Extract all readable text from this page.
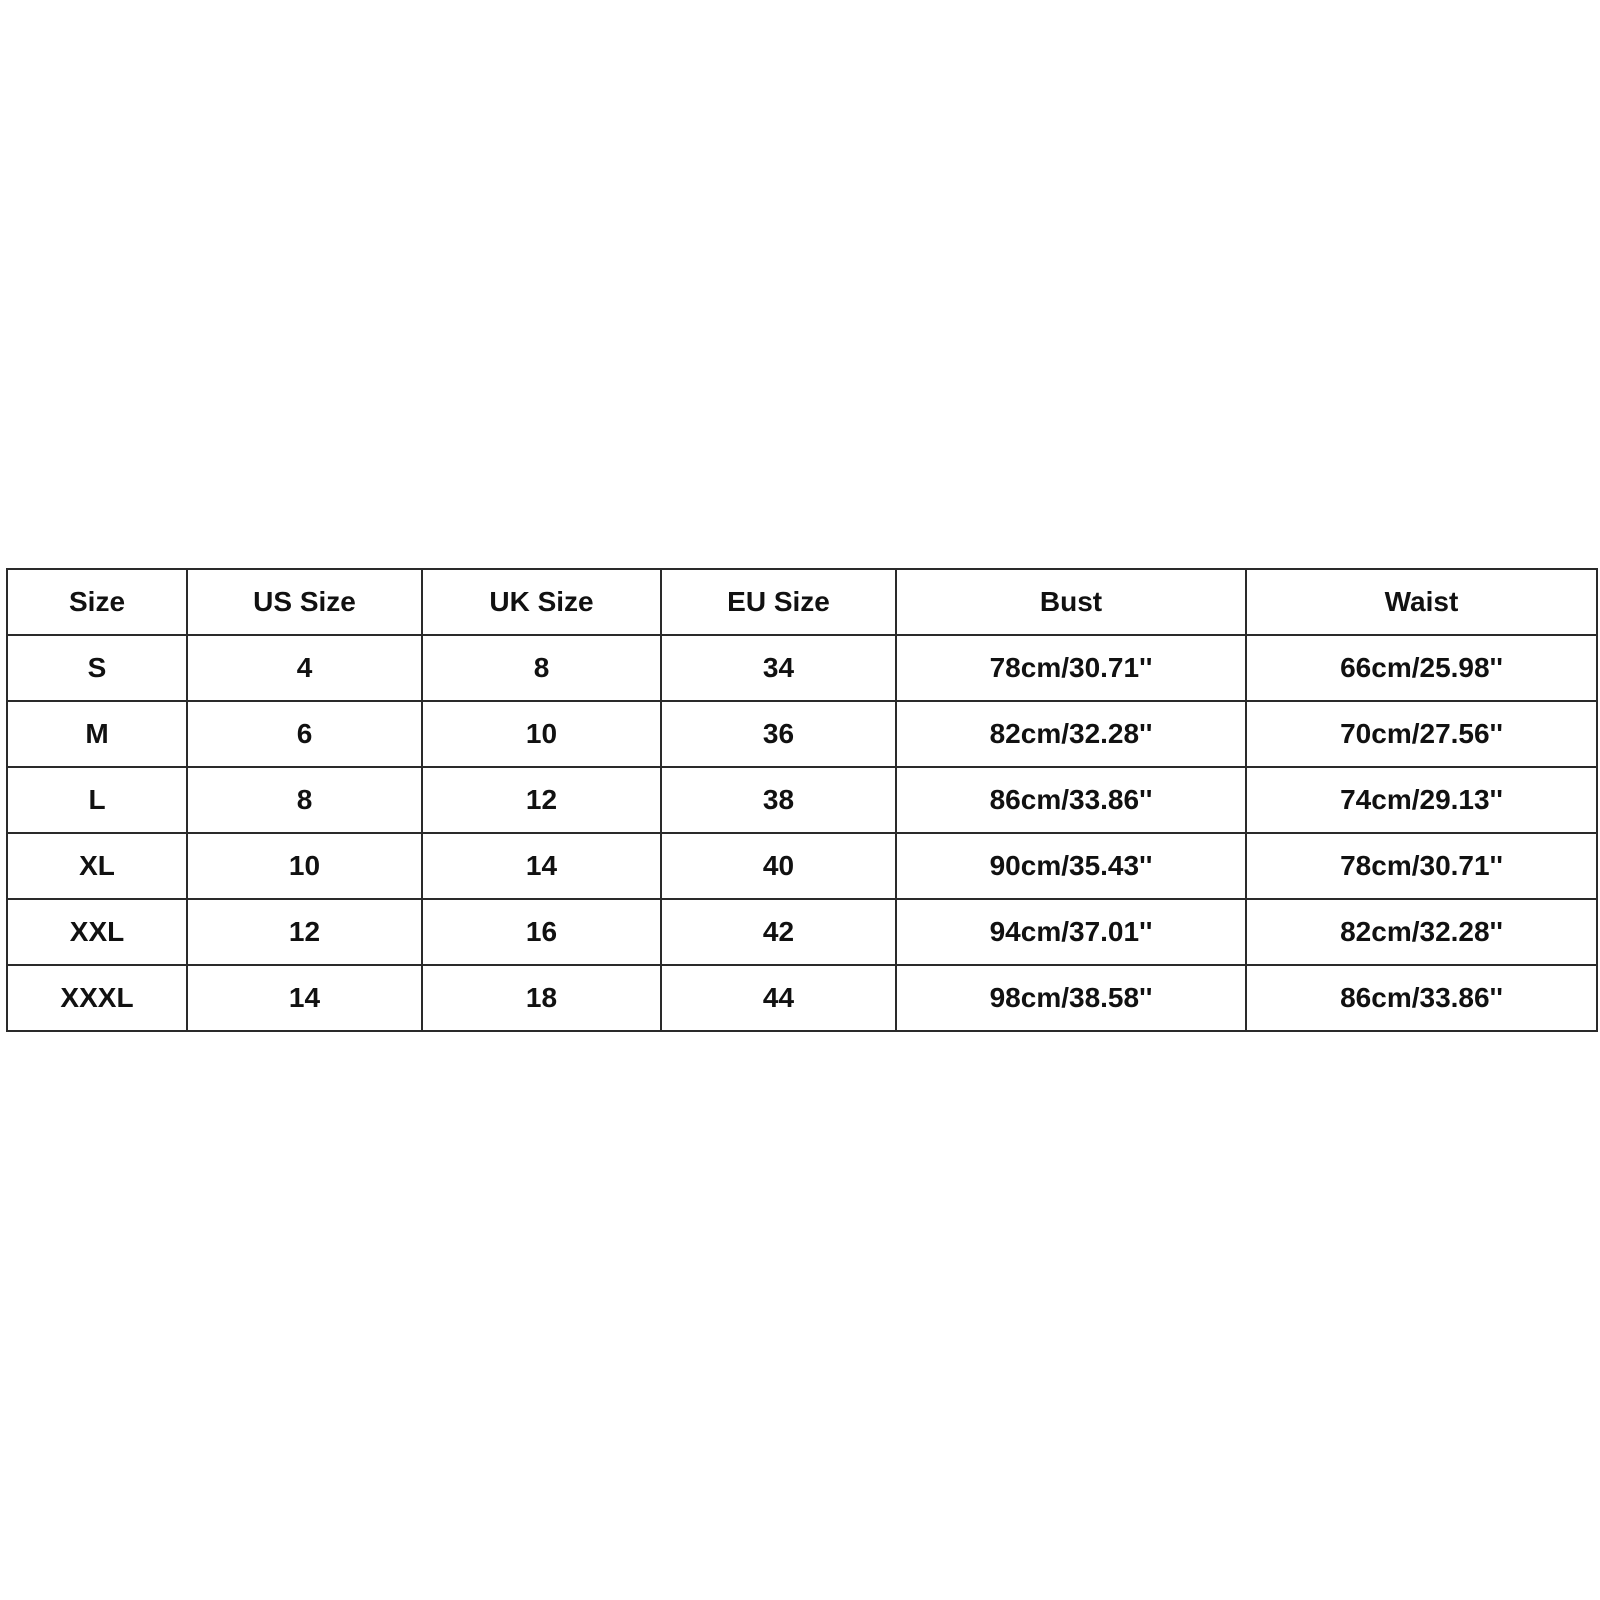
Size	US Size	UK Size	EU Size	Bust	Waist
S	4	8	34	78cm/30.71''	66cm/25.98''
M	6	10	36	82cm/32.28''	70cm/27.56''
L	8	12	38	86cm/33.86''	74cm/29.13''
XL	10	14	40	90cm/35.43''	78cm/30.71''
XXL	12	16	42	94cm/37.01''	82cm/32.28''
XXXL	14	18	44	98cm/38.58''	86cm/33.86''
